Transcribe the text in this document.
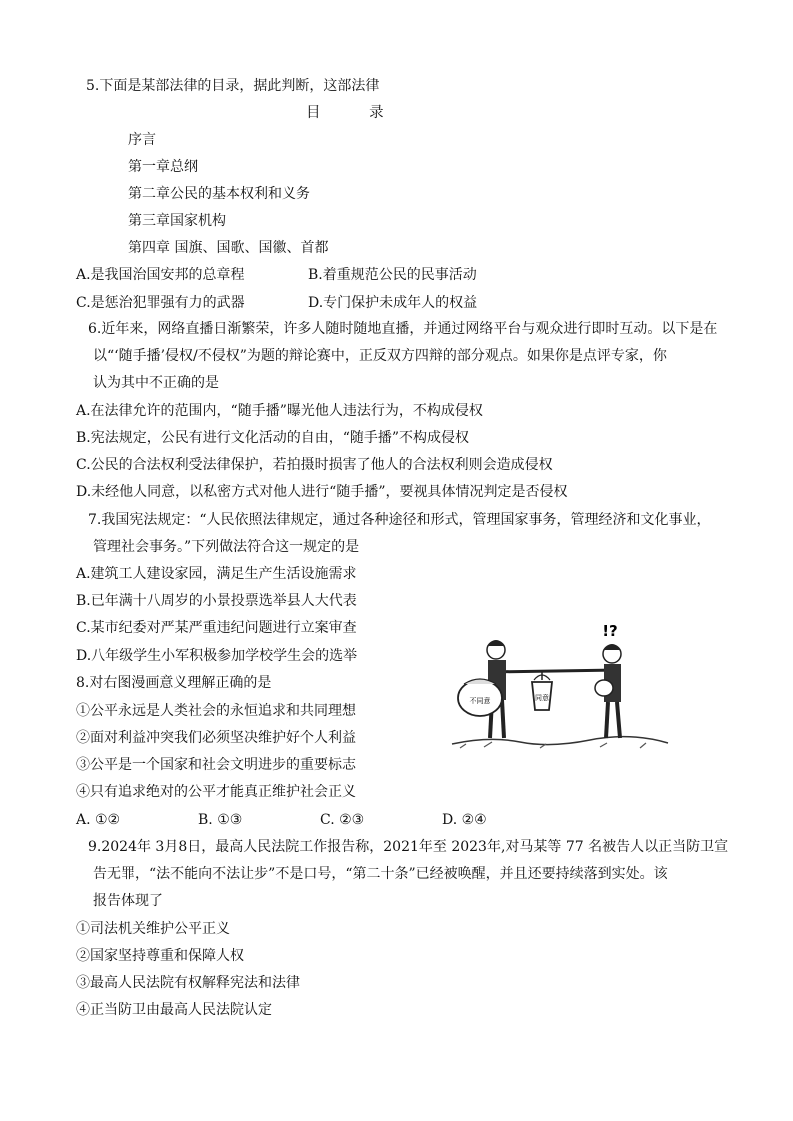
5.下面是某部法律的目录，据此判断，这部法律
目 录
序言
第一章总纲
第二章公民的基本权利和义务
第三章国家机构
第四章 国旗、国歌、国徽、首都
A.是我国治国安邦的总章程	B.着重规范公民的民事活动
C.是惩治犯罪强有力的武器	D.专门保护未成年人的权益
6.近年来，网络直播日渐繁荣，许多人随时随地直播，并通过网络平台与观众进行即时互动。以下是在
以“‘随手播’侵权/不侵权”为题的辩论赛中，正反双方四辩的部分观点。如果你是点评专家，你
认为其中不正确的是
A.在法律允许的范围内，“随手播”曝光他人违法行为，不构成侵权
B.宪法规定，公民有进行文化活动的自由，“随手播”不构成侵权
C.公民的合法权利受法律保护，若拍摄时损害了他人的合法权利则会造成侵权
D.未经他人同意，以私密方式对他人进行“随手播”，要视具体情况判定是否侵权
7.我国宪法规定：“人民依照法律规定，通过各种途径和形式，管理国家事务，管理经济和文化事业，
管理社会事务。”下列做法符合这一规定的是
A.建筑工人建设家园，满足生产生活设施需求
B.已年满十八周岁的小景投票选举县人大代表
C.某市纪委对严某严重违纪问题进行立案审查
D.八年级学生小军积极参加学校学生会的选举
8.对右图漫画意义理解正确的是
①公平永远是人类社会的永恒追求和共同理想
②面对利益冲突我们必须坚决维护好个人利益
③公平是一个国家和社会文明进步的重要标志
④只有追求绝对的公平才能真正维护社会正义
A. ①②	B. ①③	C. ②③	D. ②④
不同意	同意
!?
9.2024年 3月8日，最高人民法院工作报告称，2021年至 2023年,对马某等 77 名被告人以正当防卫宣
告无罪，“法不能向不法让步”不是口号，“第二十条”已经被唤醒，并且还要持续落到实处。该
报告体现了
①司法机关维护公平正义
②国家坚持尊重和保障人权
③最高人民法院有权解释宪法和法律
④正当防卫由最高人民法院认定
